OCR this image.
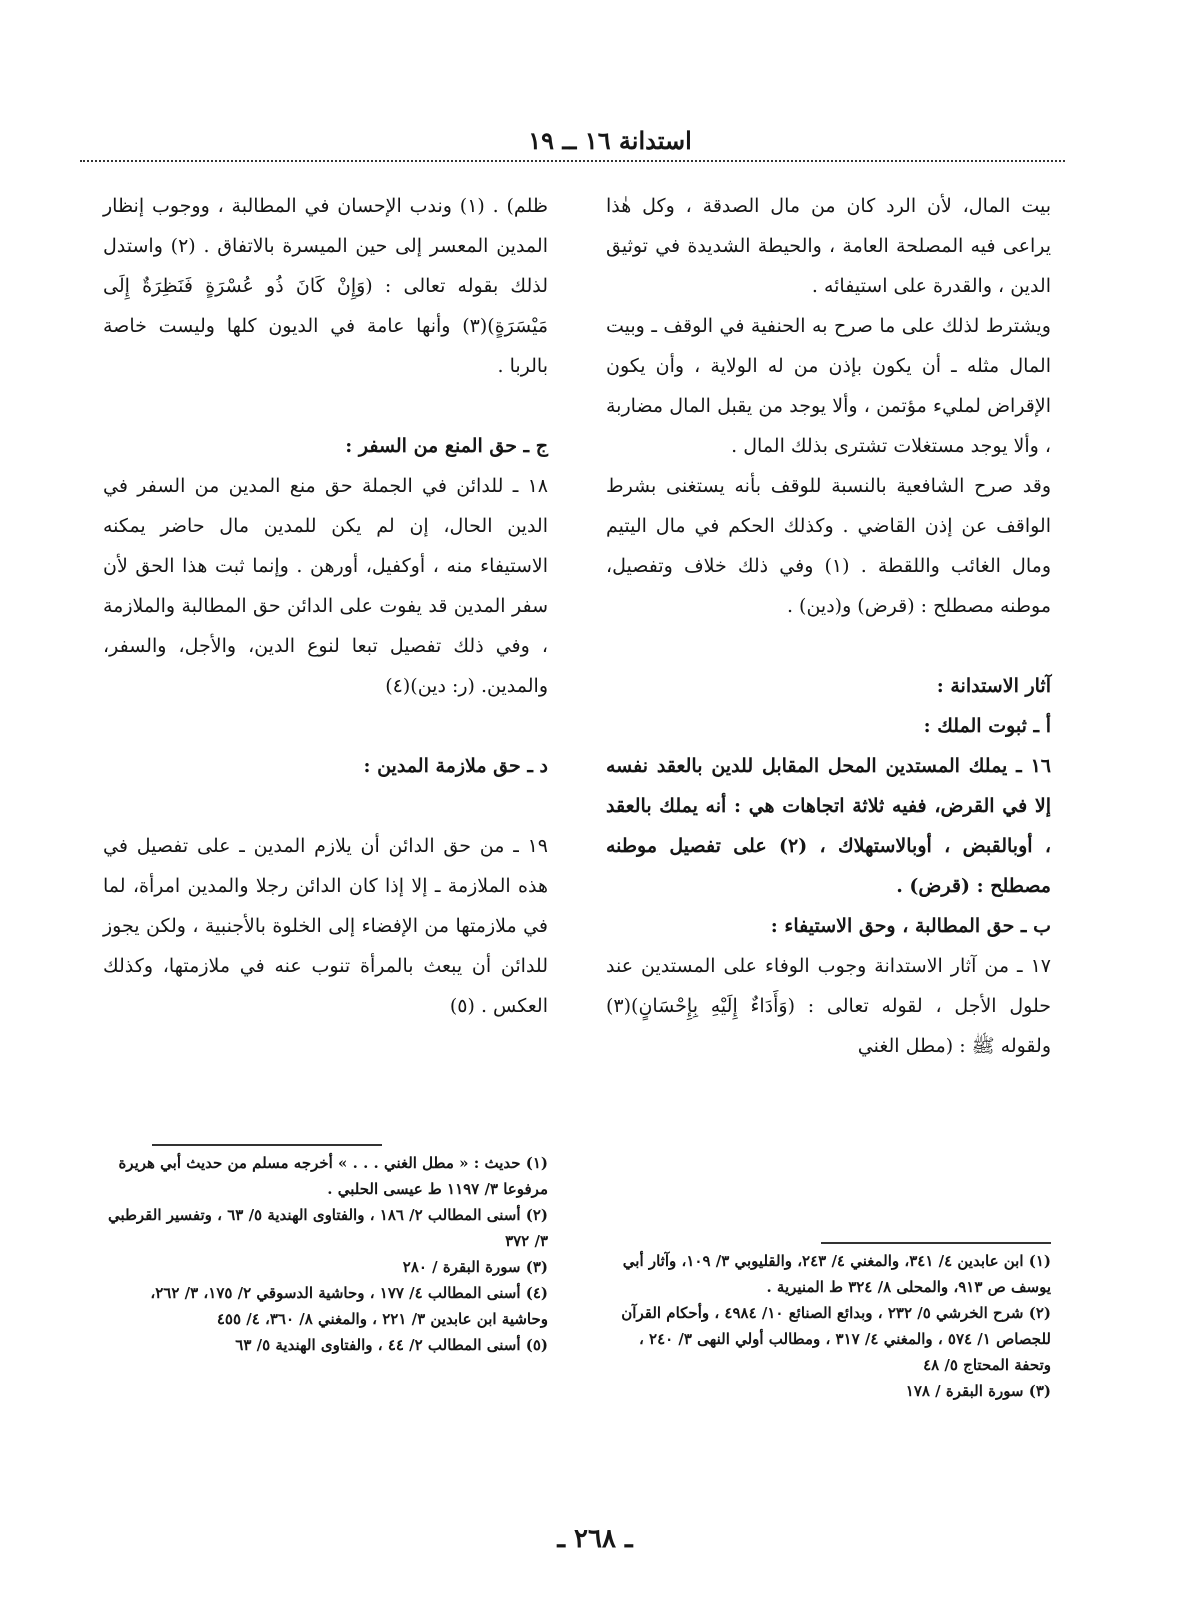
استدانة ١٦ ــ ١٩

بيت المال، لأن الرد كان من مال الصدقة ، وكل هٰذا يراعى فيه المصلحة العامة ، والحيطة الشديدة في توثيق الدين ، والقدرة على استيفائه .

ويشترط لذلك على ما صرح به الحنفية في الوقف ـ وبيت المال مثله ـ أن يكون بإذن من له الولاية ، وأن يكون الإقراض لمليء مؤتمن ، وألا يوجد من يقبل المال مضاربة ، وألا يوجد مستغلات تشترى بذلك المال .

وقد صرح الشافعية بالنسبة للوقف بأنه يستغنى بشرط الواقف عن إذن القاضي . وكذلك الحكم في مال اليتيم ومال الغائب واللقطة . (١) وفي ذلك خلاف وتفصيل، موطنه مصطلح : (قرض) و(دين) .

آثار الاستدانة :

أ ـ ثبوت الملك :

١٦ ـ يملك المستدين المحل المقابل للدين بالعقد نفسه إلا في القرض، ففيه ثلاثة اتجاهات هي : أنه يملك بالعقد ، أوبالقبض ، أوبالاستهلاك ، (٢) على تفصيل موطنه مصطلح : (قرض) .

ب ـ حق المطالبة ، وحق الاستيفاء :

١٧ ـ من آثار الاستدانة وجوب الوفاء على المستدين عند حلول الأجل ، لقوله تعالى : (وَأَدَاءٌ إِلَيْهِ بِإِحْسَانٍ)(٣) ولقوله ﷺ : (مطل الغني

ظلم) . (١) وندب الإحسان في المطالبة ، ووجوب إنظار المدين المعسر إلى حين الميسرة بالاتفاق . (٢) واستدل لذلك بقوله تعالى : (وَإِنْ كَانَ ذُو عُسْرَةٍ فَنَظِرَةٌ إِلَى مَيْسَرَةٍ)(٣) وأنها عامة في الديون كلها وليست خاصة بالربا .

ج ـ حق المنع من السفر :

١٨ ـ للدائن في الجملة حق منع المدين من السفر في الدين الحال، إن لم يكن للمدين مال حاضر يمكنه الاستيفاء منه ، أوكفيل، أورهن . وإنما ثبت هذا الحق لأن سفر المدين قد يفوت على الدائن حق المطالبة والملازمة ، وفي ذلك تفصيل تبعا لنوع الدين، والأجل، والسفر، والمدين. (ر: دين)(٤)

د ـ حق ملازمة المدين :

١٩ ـ من حق الدائن أن يلازم المدين ـ على تفصيل في هذه الملازمة ـ إلا إذا كان الدائن رجلا والمدين امرأة، لما في ملازمتها من الإفضاء إلى الخلوة بالأجنبية ، ولكن يجوز للدائن أن يبعث بالمرأة تنوب عنه في ملازمتها، وكذلك العكس . (٥)

(١) ابن عابدين ٤/ ٣٤١، والمغني ٤/ ٢٤٣، والقليوبي ٣/ ١٠٩، وآثار أبي يوسف ص ٩١٣، والمحلى ٨/ ٣٢٤ ط المنيرية .

(٢) شرح الخرشي ٥/ ٢٣٢ ، وبدائع الصنائع ١٠/ ٤٩٨٤ ، وأحكام القرآن للجصاص ١/ ٥٧٤ ، والمغني ٤/ ٣١٧ ، ومطالب أولي النهى ٣/ ٢٤٠ ، وتحفة المحتاج ٥/ ٤٨

(٣) سورة البقرة / ١٧٨

(١) حديث : « مطل الغني . . . » أخرجه مسلم من حديث أبي هريرة مرفوعا ٣/ ١١٩٧ ط عيسى الحلبي .

(٢) أسنى المطالب ٢/ ١٨٦ ، والفتاوى الهندية ٥/ ٦٣ ، وتفسير القرطبي ٣/ ٣٧٢

(٣) سورة البقرة / ٢٨٠

(٤) أسنى المطالب ٤/ ١٧٧ ، وحاشية الدسوقي ٢/ ١٧٥، ٣/ ٢٦٢، وحاشية ابن عابدين ٣/ ٢٢١ ، والمغني ٨/ ٣٦٠، ٤/ ٤٥٥

(٥) أسنى المطالب ٢/ ٤٤ ، والفتاوى الهندية ٥/ ٦٣

ـ ٢٦٨ ـ
